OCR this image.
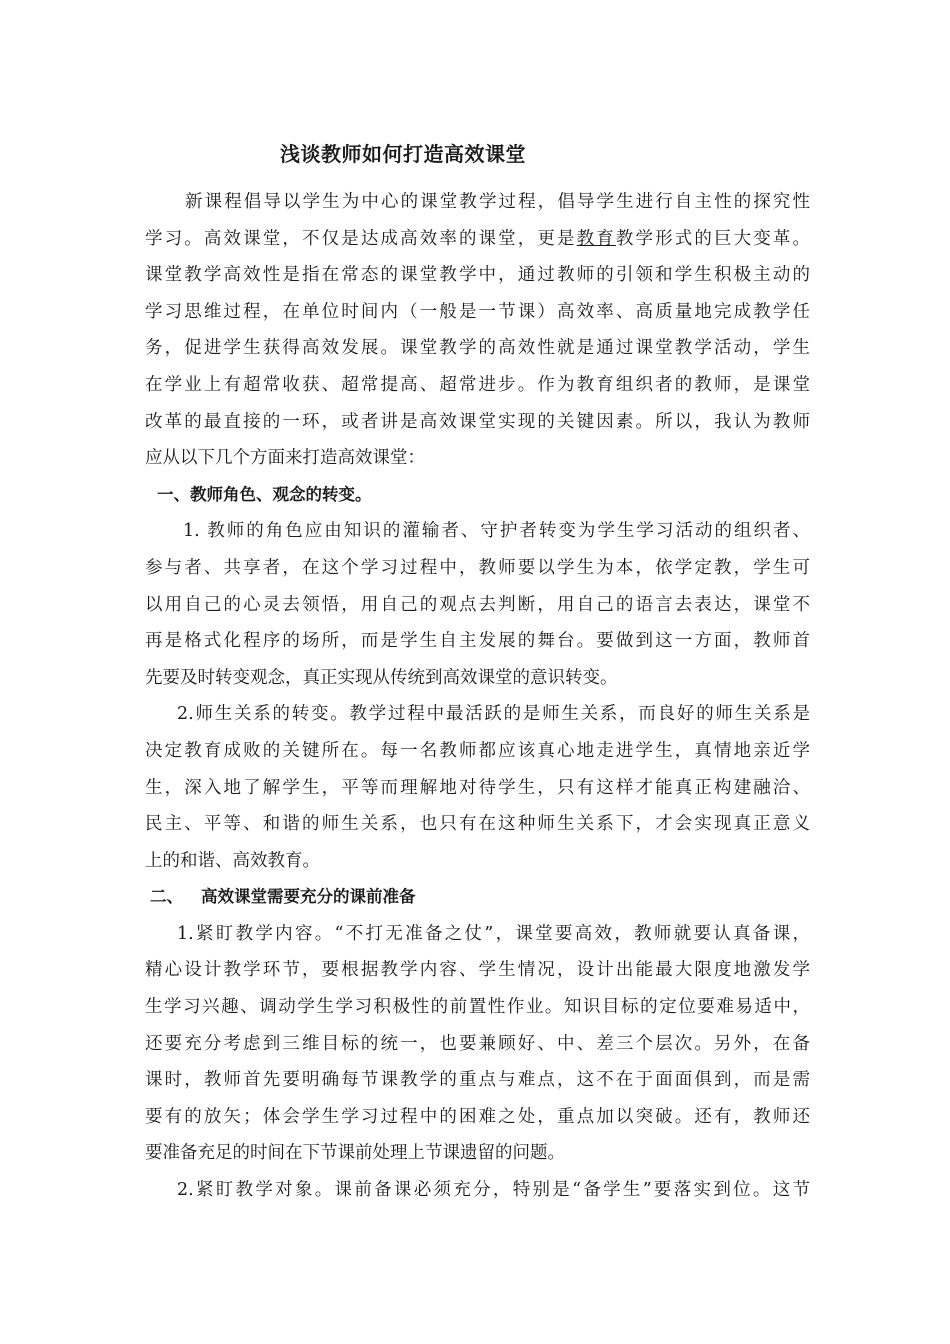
浅谈教师如何打造高效课堂
新课程倡导以学生为中心的课堂教学过程，倡导学生进行自主性的探究性
学习。高效课堂，不仅是达成高效率的课堂，更是教育教学形式的巨大变革。
课堂教学高效性是指在常态的课堂教学中，通过教师的引领和学生积极主动的
学习思维过程，在单位时间内（一般是一节课）高效率、高质量地完成教学任
务，促进学生获得高效发展。课堂教学的高效性就是通过课堂教学活动，学生
在学业上有超常收获、超常提高、超常进步。作为教育组织者的教师，是课堂
改革的最直接的一环，或者讲是高效课堂实现的关键因素。所以，我认为教师
应从以下几个方面来打造高效课堂：
一、教师角色、观念的转变。
1. 教师的角色应由知识的灌输者、守护者转变为学生学习活动的组织者、
参与者、共享者，在这个学习过程中，教师要以学生为本，依学定教，学生可
以用自己的心灵去领悟，用自己的观点去判断，用自己的语言去表达，课堂不
再是格式化程序的场所，而是学生自主发展的舞台。要做到这一方面，教师首
先要及时转变观念，真正实现从传统到高效课堂的意识转变。
2.师生关系的转变。教学过程中最活跃的是师生关系，而良好的师生关系是
决定教育成败的关键所在。每一名教师都应该真心地走进学生，真情地亲近学
生，深入地了解学生，平等而理解地对待学生，只有这样才能真正构建融洽、
民主、平等、和谐的师生关系，也只有在这种师生关系下，才会实现真正意义
上的和谐、高效教育。
二、 高效课堂需要充分的课前准备
1.紧盯教学内容。“不打无准备之仗”，课堂要高效，教师就要认真备课，
精心设计教学环节，要根据教学内容、学生情况，设计出能最大限度地激发学
生学习兴趣、调动学生学习积极性的前置性作业。知识目标的定位要难易适中，
还要充分考虑到三维目标的统一，也要兼顾好、中、差三个层次。另外，在备
课时，教师首先要明确每节课教学的重点与难点，这不在于面面俱到，而是需
要有的放矢；体会学生学习过程中的困难之处，重点加以突破。还有，教师还
要准备充足的时间在下节课前处理上节课遗留的问题。
2.紧盯教学对象。课前备课必须充分，特别是“备学生”要落实到位。这节
